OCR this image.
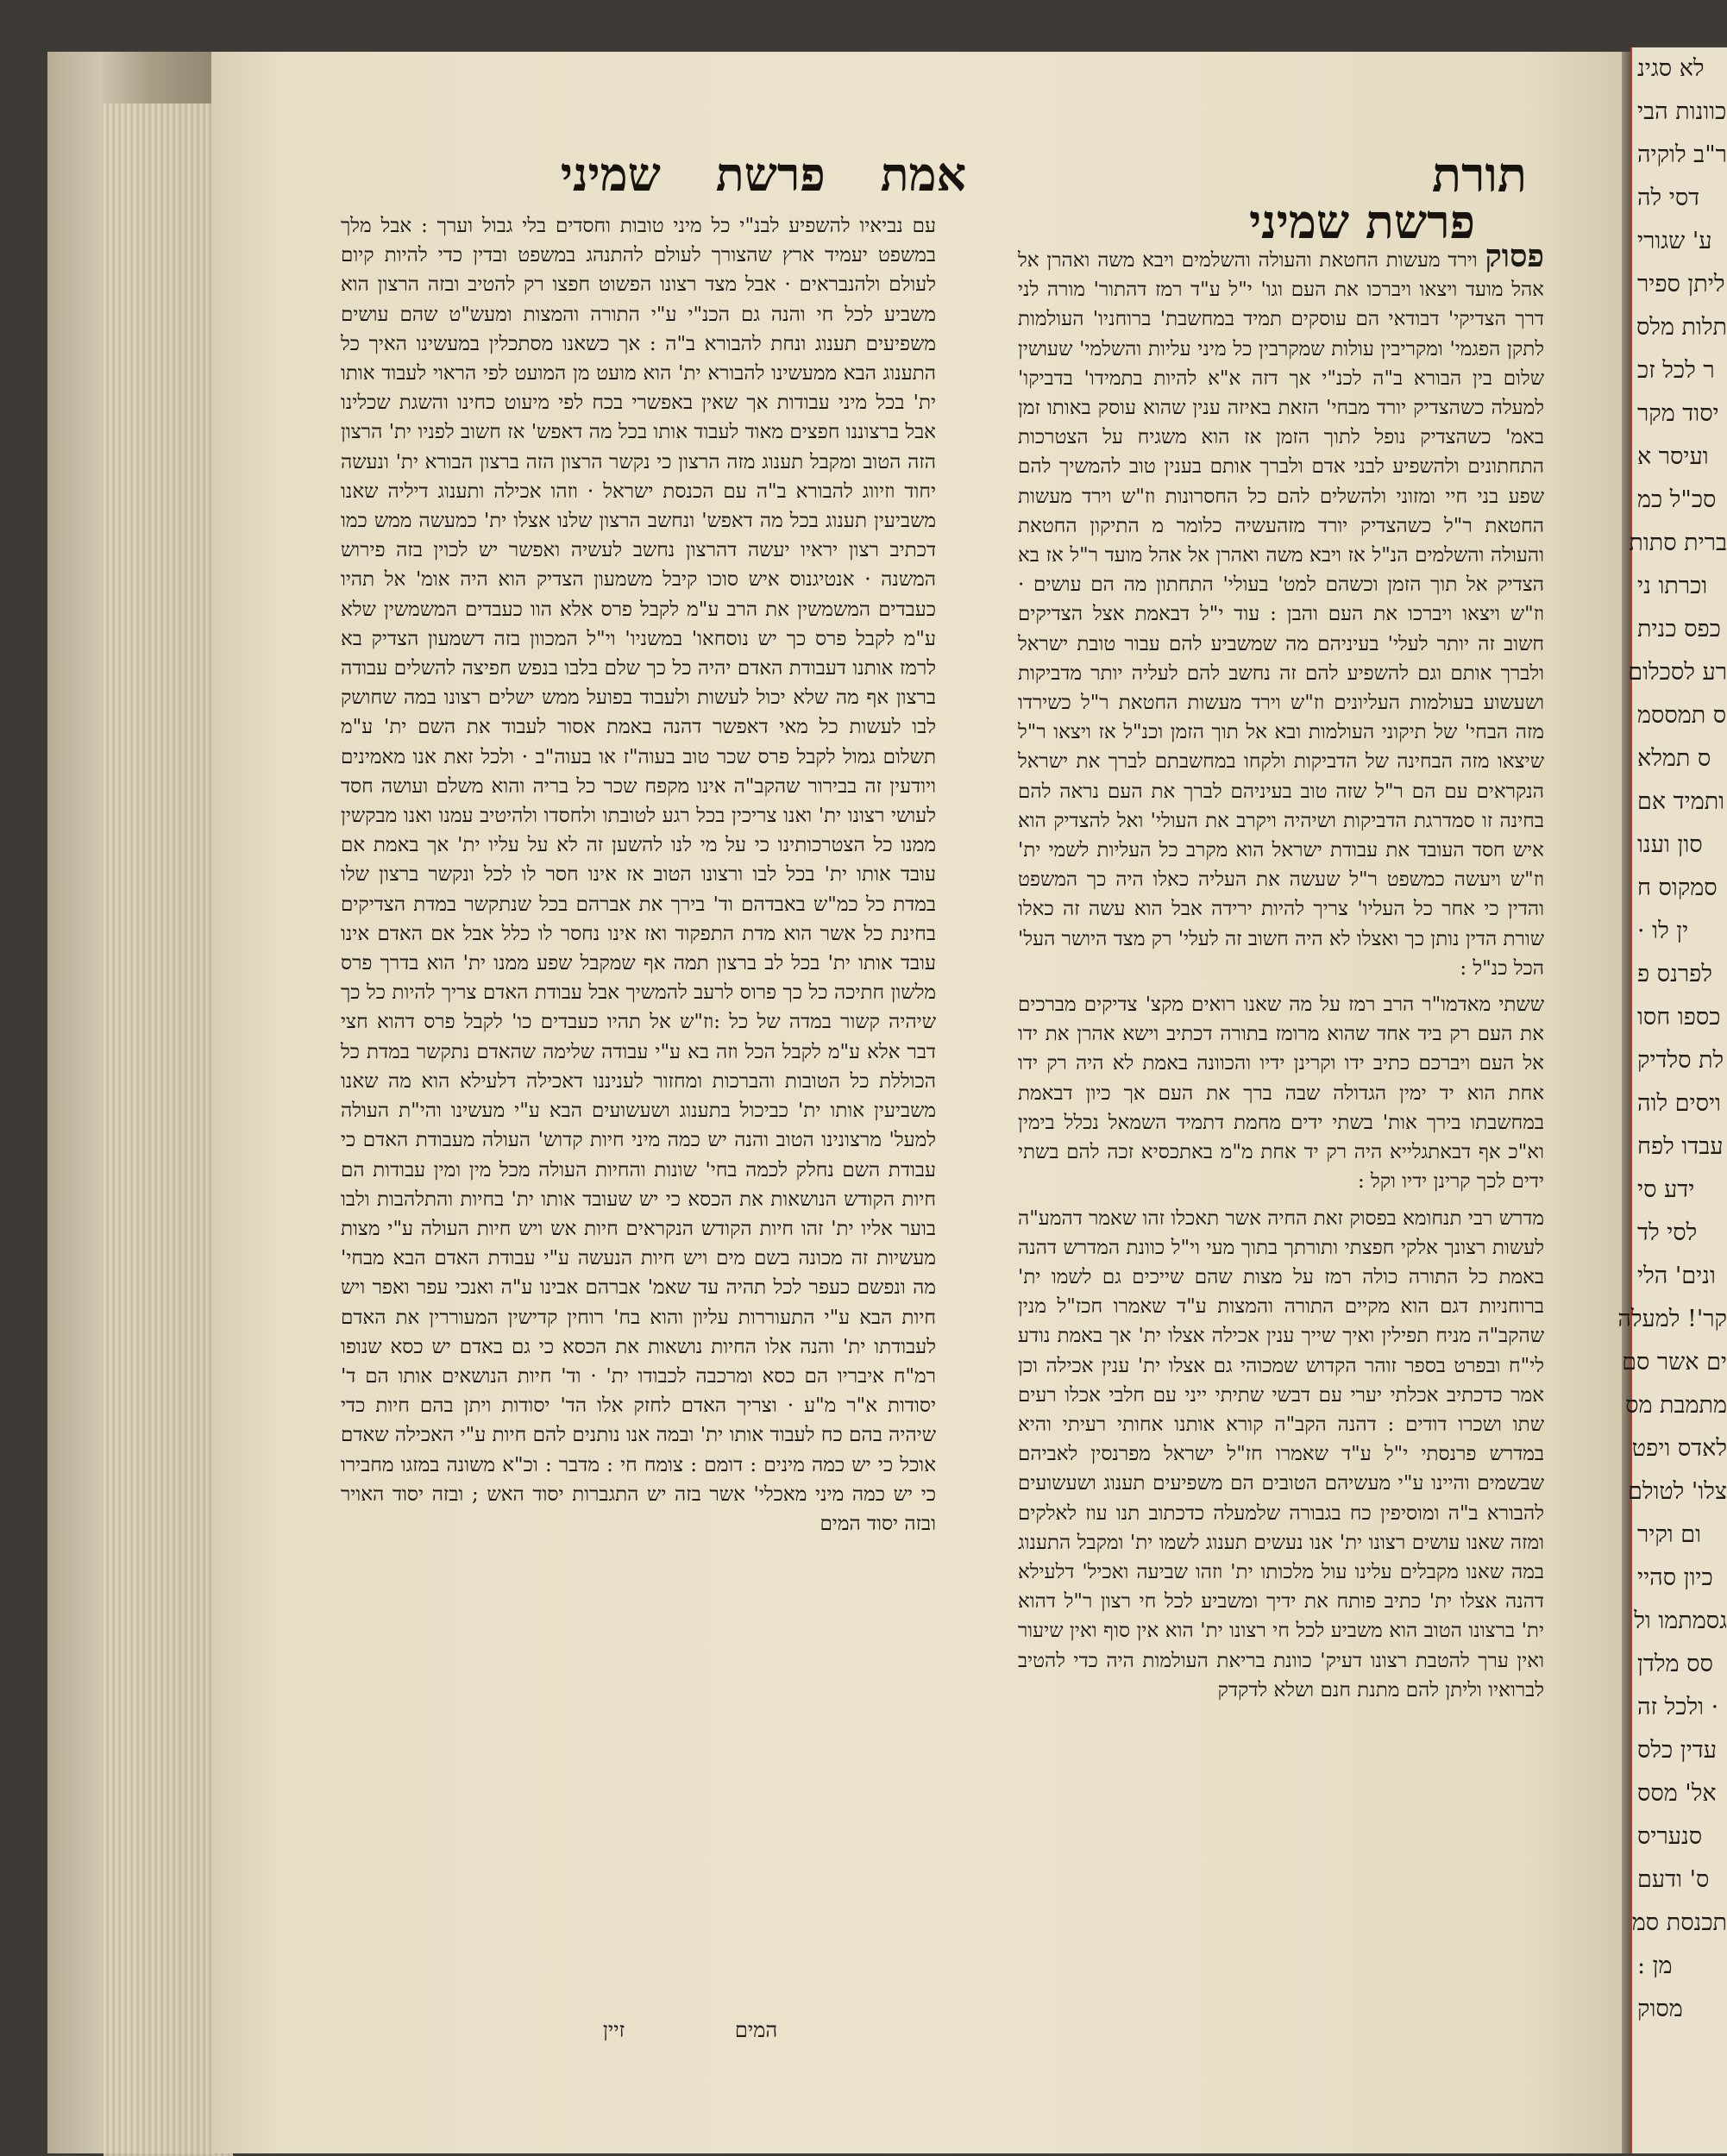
אמת פרשת שמיני	תורת
פרשת שמיני

עם נביאיו להשפיע לבנ"י כל מיני טובות וחסדים בלי גבול וערך : אבל מלך במשפט יעמיד ארץ שהצורך לעולם להתנהג במשפט ובדין כדי להיות קיום לעולם ולהנבראים · אבל מצד רצונו הפשוט חפצו רק להטיב ובזה הרצון הוא משביע לכל חי והנה גם הכנ"י ע"י התורה והמצות ומעש"ט שהם עושים משפיעים תענוג ונחת להבורא ב"ה : אך כשאנו מסתכלין במעשינו האיך כל התענוג הבא ממעשינו להבורא ית' הוא מועט מן המועט לפי הראוי לעבוד אותו ית' בכל מיני עבודות אך שאין באפשרי בכח לפי מיעוט כחינו והשגת שכלינו אבל ברצוננו חפצים מאוד לעבוד אותו בכל מה דאפש' אז חשוב לפניו ית' הרצון הזה הטוב ומקבל תענוג מזה הרצון כי נקשר הרצון הזה ברצון הבורא ית' ונעשה יחוד וזיווג להבורא ב"ה עם הכנסת ישראל · וזהו אכילה ותענוג דיליה שאנו משביעין תענוג בכל מה דאפש' ונחשב הרצון שלנו אצלו ית' כמעשה ממש כמו דכתיב רצון יראיו יעשה דהרצון נחשב לעשיה ואפשר יש לכוין בזה פירוש המשנה · אנטיגנוס איש סוכו קיבל משמעון הצדיק הוא היה אומ' אל תהיו כעבדים המשמשין את הרב ע"מ לקבל פרס אלא הוו כעבדים המשמשין שלא ע"מ לקבל פרס כך יש נוסחאו' במשניו' וי"ל המכוון בזה דשמעון הצדיק בא לרמז אותנו דעבודת האדם יהיה כל כך שלם בלבו בנפש חפיצה להשלים עבודה ברצון אף מה שלא יכול לעשות ולעבוד בפועל ממש ישלים רצונו במה שחושק לבו לעשות כל מאי דאפשר דהנה באמת אסור לעבוד את השם ית' ע"מ תשלום גמול לקבל פרס שכר טוב בעוה"ז או בעוה"ב · ולכל זאת אנו מאמינים ויודעין זה בבירור שהקב"ה אינו מקפח שכר כל בריה והוא משלם ועושה חסד לעושי רצונו ית' ואנו צריכין בכל רגע לטובתו ולחסדו ולהיטיב עמנו ואנו מבקשין ממנו כל הצטרכותינו כי על מי לנו להשען זה לא על עליו ית' אך באמת אם עובד אותו ית' בכל לבו ורצונו הטוב אז אינו חסר לו לכל ונקשר ברצון שלו במדת כל כמ"ש באבדהם וד' בירך את אברהם בכל שנתקשר במדת הצדיקים בחינת כל אשר הוא מדת התפקוד ואז אינו נחסר לו כלל אבל אם האדם אינו עובד אותו ית' בכל לב ברצון תמה אף שמקבל שפע ממנו ית' הוא בדרך פרס מלשון חתיכה כל כך פרוס לרעב להמשיך אבל עבודת האדם צריך להיות כל כך שיהיה קשור במדה של כל :וז"ש אל תהיו כעבדים כו' לקבל פרס דהוא חצי דבר אלא ע"מ לקבל הכל וזה בא ע"י עבודה שלימה שהאדם נתקשר במדת כל הכוללת כל הטובות והברכות ומחזור לעניננו דאכילה דלעילא הוא מה שאנו משביעין אותו ית' כביכול בתענוג ושעשועים הבא ע"י מעשינו והי"ת העולה למעל' מרצונינו הטוב והנה יש כמה מיני חיות קדוש' העולה מעבודת האדם כי עבודת השם נחלק לכמה בחי' שונות והחיות העולה מכל מין ומין עבודות הם חיות הקודש הנושאות את הכסא כי יש שעובד אותו ית' בחיות והתלהבות ולבו בוער אליו ית' זהו חיות הקודש הנקראים חיות אש ויש חיות העולה ע"י מצות מעשיות זה מכונה בשם מים ויש חיות הנעשה ע"י עבודת האדם הבא מבחי' מה ונפשם כעפר לכל תהיה עד שאמ' אברהם אבינו ע"ה ואנכי עפר ואפר ויש חיות הבא ע"י התעוררות עליון והוא בח' רוחין קדישין המעוררין את האדם לעבודתו ית' והנה אלו החיות נושאות את הכסא כי גם באדם יש כסא שנופו רמ"ח איבריו הם כסא ומרכבה לכבודו ית' · וד' חיות הנושאים אותו הם ד' יסודות א"ר מ"ע · וצריך האדם לחזק אלו הד' יסודות ויתן בהם חיות כדי שיהיה בהם כח לעבוד אותו ית' ובמה אנו נותנים להם חיות ע"י האכילה שאדם אוכל כי יש כמה מינים : דומם : צומח חי : מדבר : וכ"א משונה במזגו מחבירו כי יש כמה מיני מאכלי' אשר בזה יש התגברות יסוד האש ; ובזה יסוד האויר ובזה יסוד המים

פסוק וירד מעשות החטאת והעולה והשלמים ויבא משה ואהרן אל אהל מועד ויצאו ויברכו את העם וגו' י"ל ע"ד רמז דהתור' מורה לני דרך הצדיקי' דבודאי הם עוסקים תמיד במחשבת' ברוחניו' העולמות לתקן הפגמי' ומקריבין עולות שמקרבין כל מיני עליות והשלמי' שעושין שלום בין הבורא ב"ה לכנ"י אך דזה א"א להיות בתמידו' בדביקו' למעלה כשהצדיק יורד מבחי' הזאת באיזה ענין שהוא עוסק באותו זמן באמ' כשהצדיק נופל לתוך הזמן אז הוא משגיח על הצטרכות התחתונים ולהשפיע לבני אדם ולברך אותם בענין טוב להמשיך להם שפע בני חיי ומזוני ולהשלים להם כל החסרונות וז"ש וירד מעשות החטאת ר"ל כשהצדיק יורד מזהעשיה כלומר מ התיקון החטאת והעולה והשלמים הנ"ל אז ויבא משה ואהרן אל אהל מועד ר"ל אז בא הצדיק אל תוך הזמן וכשהם למט' בעולי' התחתון מה הם עושים · וז"ש ויצאו ויברכו את העם והבן : עוד י"ל דבאמת אצל הצדיקים חשוב זה יותר לעלי' בעיניהם מה שמשביע להם עבור טובת ישראל ולברך אותם וגם להשפיע להם זה נחשב להם לעליה יותר מדביקות ושעשוע בעולמות העליונים וז"ש וירד מעשות החטאת ר"ל כשירדו מזה הבחי' של תיקוני העולמות ובא אל תוך הזמן וכנ"ל אז ויצאו ר"ל שיצאו מזה הבחינה של הדביקות ולקחו במחשבתם לברך את ישראל הנקראים עם הם ר"ל שזה טוב בעיניהם לברך את העם נראה להם בחינה זו סמדרגת הדביקות ושיהיה ויקרב את העולי' ואל להצדיק הוא איש חסד העובד את עבודת ישראל הוא מקרב כל העליות לשמי ית' וז"ש ויעשה כמשפט ר"ל שעשה את העליה כאלו היה כך המשפט והדין כי אחר כל העליו' צריך להיות ירידה אבל הוא עשה זה כאלו שורת הדין נותן כך ואצלו לא היה חשוב זה לעלי' רק מצד היושר העל' הכל כנ"ל :

ששתי מאדמו"ר הרב רמז על מה שאנו רואים מקצ' צדיקים מברכים את העם רק ביד אחד שהוא מרומז בתורה דכתיב וישא אהרן את ידו אל העם ויברכם כתיב ידו וקרינן ידיו והכוונה באמת לא היה רק ידו אחת הוא יד ימין הגדולה שבה ברך את העם אך כיון דבאמת במחשבתו בירך אות' בשתי ידים מחמת דתמיד השמאל נכלל בימין וא"כ אף דבאתגלייא היה רק יד אחת מ"מ באתכסיא זכה להם בשתי ידים לכך קרינן ידיו וקל :

מדרש רבי תנחומא בפסוק זאת החיה אשר תאכלו זהו שאמר דהמע"ה לעשות רצונך אלקי חפצתי ותורתך בתוך מעי וי"ל כוונת המדרש דהנה באמת כל התורה כולה רמז על מצות שהם שייכים גם לשמו ית' ברוחניות דגם הוא מקיים התורה והמצות ע"ד שאמרו חכז"ל מנין שהקב"ה מניח תפילין ואיך שייך ענין אכילה אצלו ית' אך באמת נודע לי"ח ובפרט בספר זוהר הקדוש שמכוהי גם אצלו ית' ענין אכילה וכן אמר כדכתיב אכלתי יערי עם דבשי שתיתי ייני עם חלבי אכלו רעים שתו ושכרו דודים : דהנה הקב"ה קורא אותנו אחותי רעיתי והיא במדרש פרנסתי י"ל ע"ד שאמרו חז"ל ישראל מפרנסין לאביהם שבשמים והיינו ע"י מעשיהם הטובים הם משפיעים תענוג ושעשועים להבורא ב"ה ומוסיפין כח בגבורה שלמעלה כדכתוב תנו עוז לאלקים ומזה שאנו עושים רצונו ית' אנו נעשים תענוג לשמו ית' ומקבל התענוג במה שאנו מקבלים עלינו עול מלכותו ית' וזהו שביעה ואכיל' דלעילא דהנה אצלו ית' כתיב פותח את ידיך ומשביע לכל חי רצון ר"ל דהוא ית' ברצונו הטוב הוא משביע לכל חי רצונו ית' הוא אין סוף ואין שיעור ואין ערך להטבת רצונו דעיק' כוונת בריאת העולמות היה כדי להטיב לברואיו וליתן להם מתנת חנם ושלא לדקדק

המים זיין
לא סגינ
כוונות הבי
ר"ב לוקיה
דסי לה
ע' שגורי
ליתן ספיר
תלות מלס
ר לכל זכ
יסוד מקר
ועיסר א
סכ"ל כמ
ברית סתות
וכרתו ני
כפס כנית
רע לסכלום
ס תמססמ
ס תמלא
ותמיד אם
סון וענו
סמקוס ח
ין לו ·
לפרנס פ
כספו חסו
לת סלדיק
ויסים לוה
עבדו לפח
ידע סי
לסי לד
ונים' הלי
קר'! למעלה
ים אשר סם
מתמבת מס
לאדס ויפט
צלו' לטולם
ום וקיר
כיון סהיי
גסמתמו ול
סס מלדן
· ולכל זה
עדין כלס
אל' מסס
סנעריס
ס' ודעם
תכנסת סמ
מן :
מסוק
